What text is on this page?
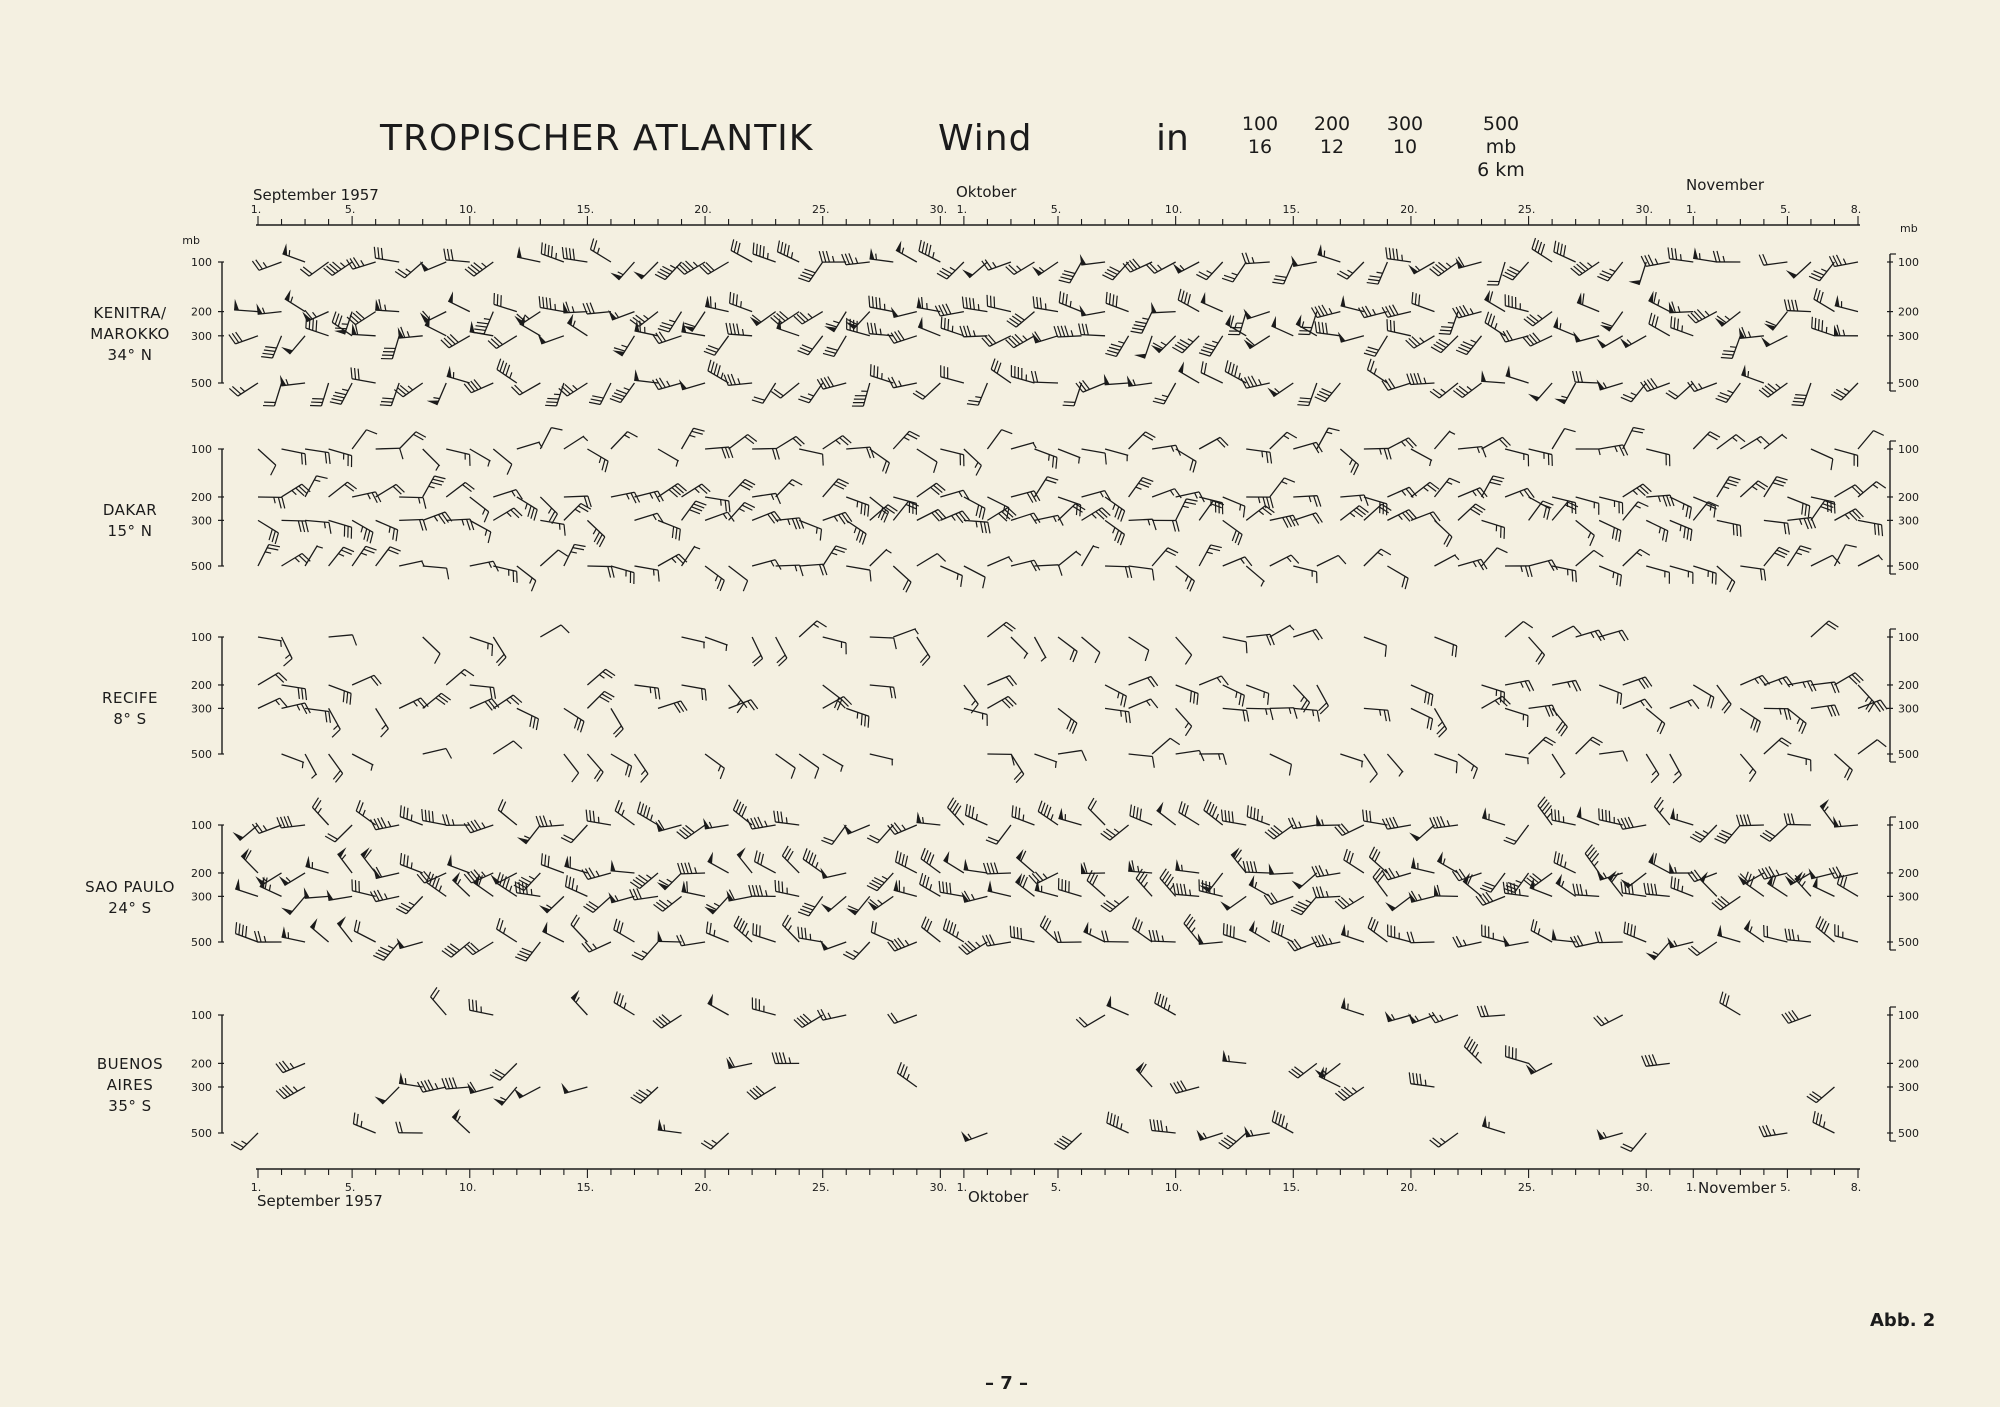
TROPISCHER ATLANTIK	Wind	in	100
16
200
12
300
10
500 mb
6 km
KENITRA/
MAROKKO
34° N
DAKAR
15° N
RECIFE
8° S
SAO PAULO
24° S
BUENOS
AIRES
35° S
September 1957	Oktober	November
September 1957	Oktober	November
1.	5.	10.	15.	20.	25.	30. 1.	5.	10.	15.	20.	25.	30.	1.	5.	8.
1.	5.	10.	15.	20.	25.	30. 1.	5.	10.	15.	20.	25.	30.	1.	5.	8.
100	100
200	200
300	300
500	500
mb
mb
100	100
200	200
300	300
500	500
100	100
200	200
300	300
500	500
100	100
200	200
300	300
500	500
100	100
200	200
300	300
500	500
Abb. 2
– 7 –
